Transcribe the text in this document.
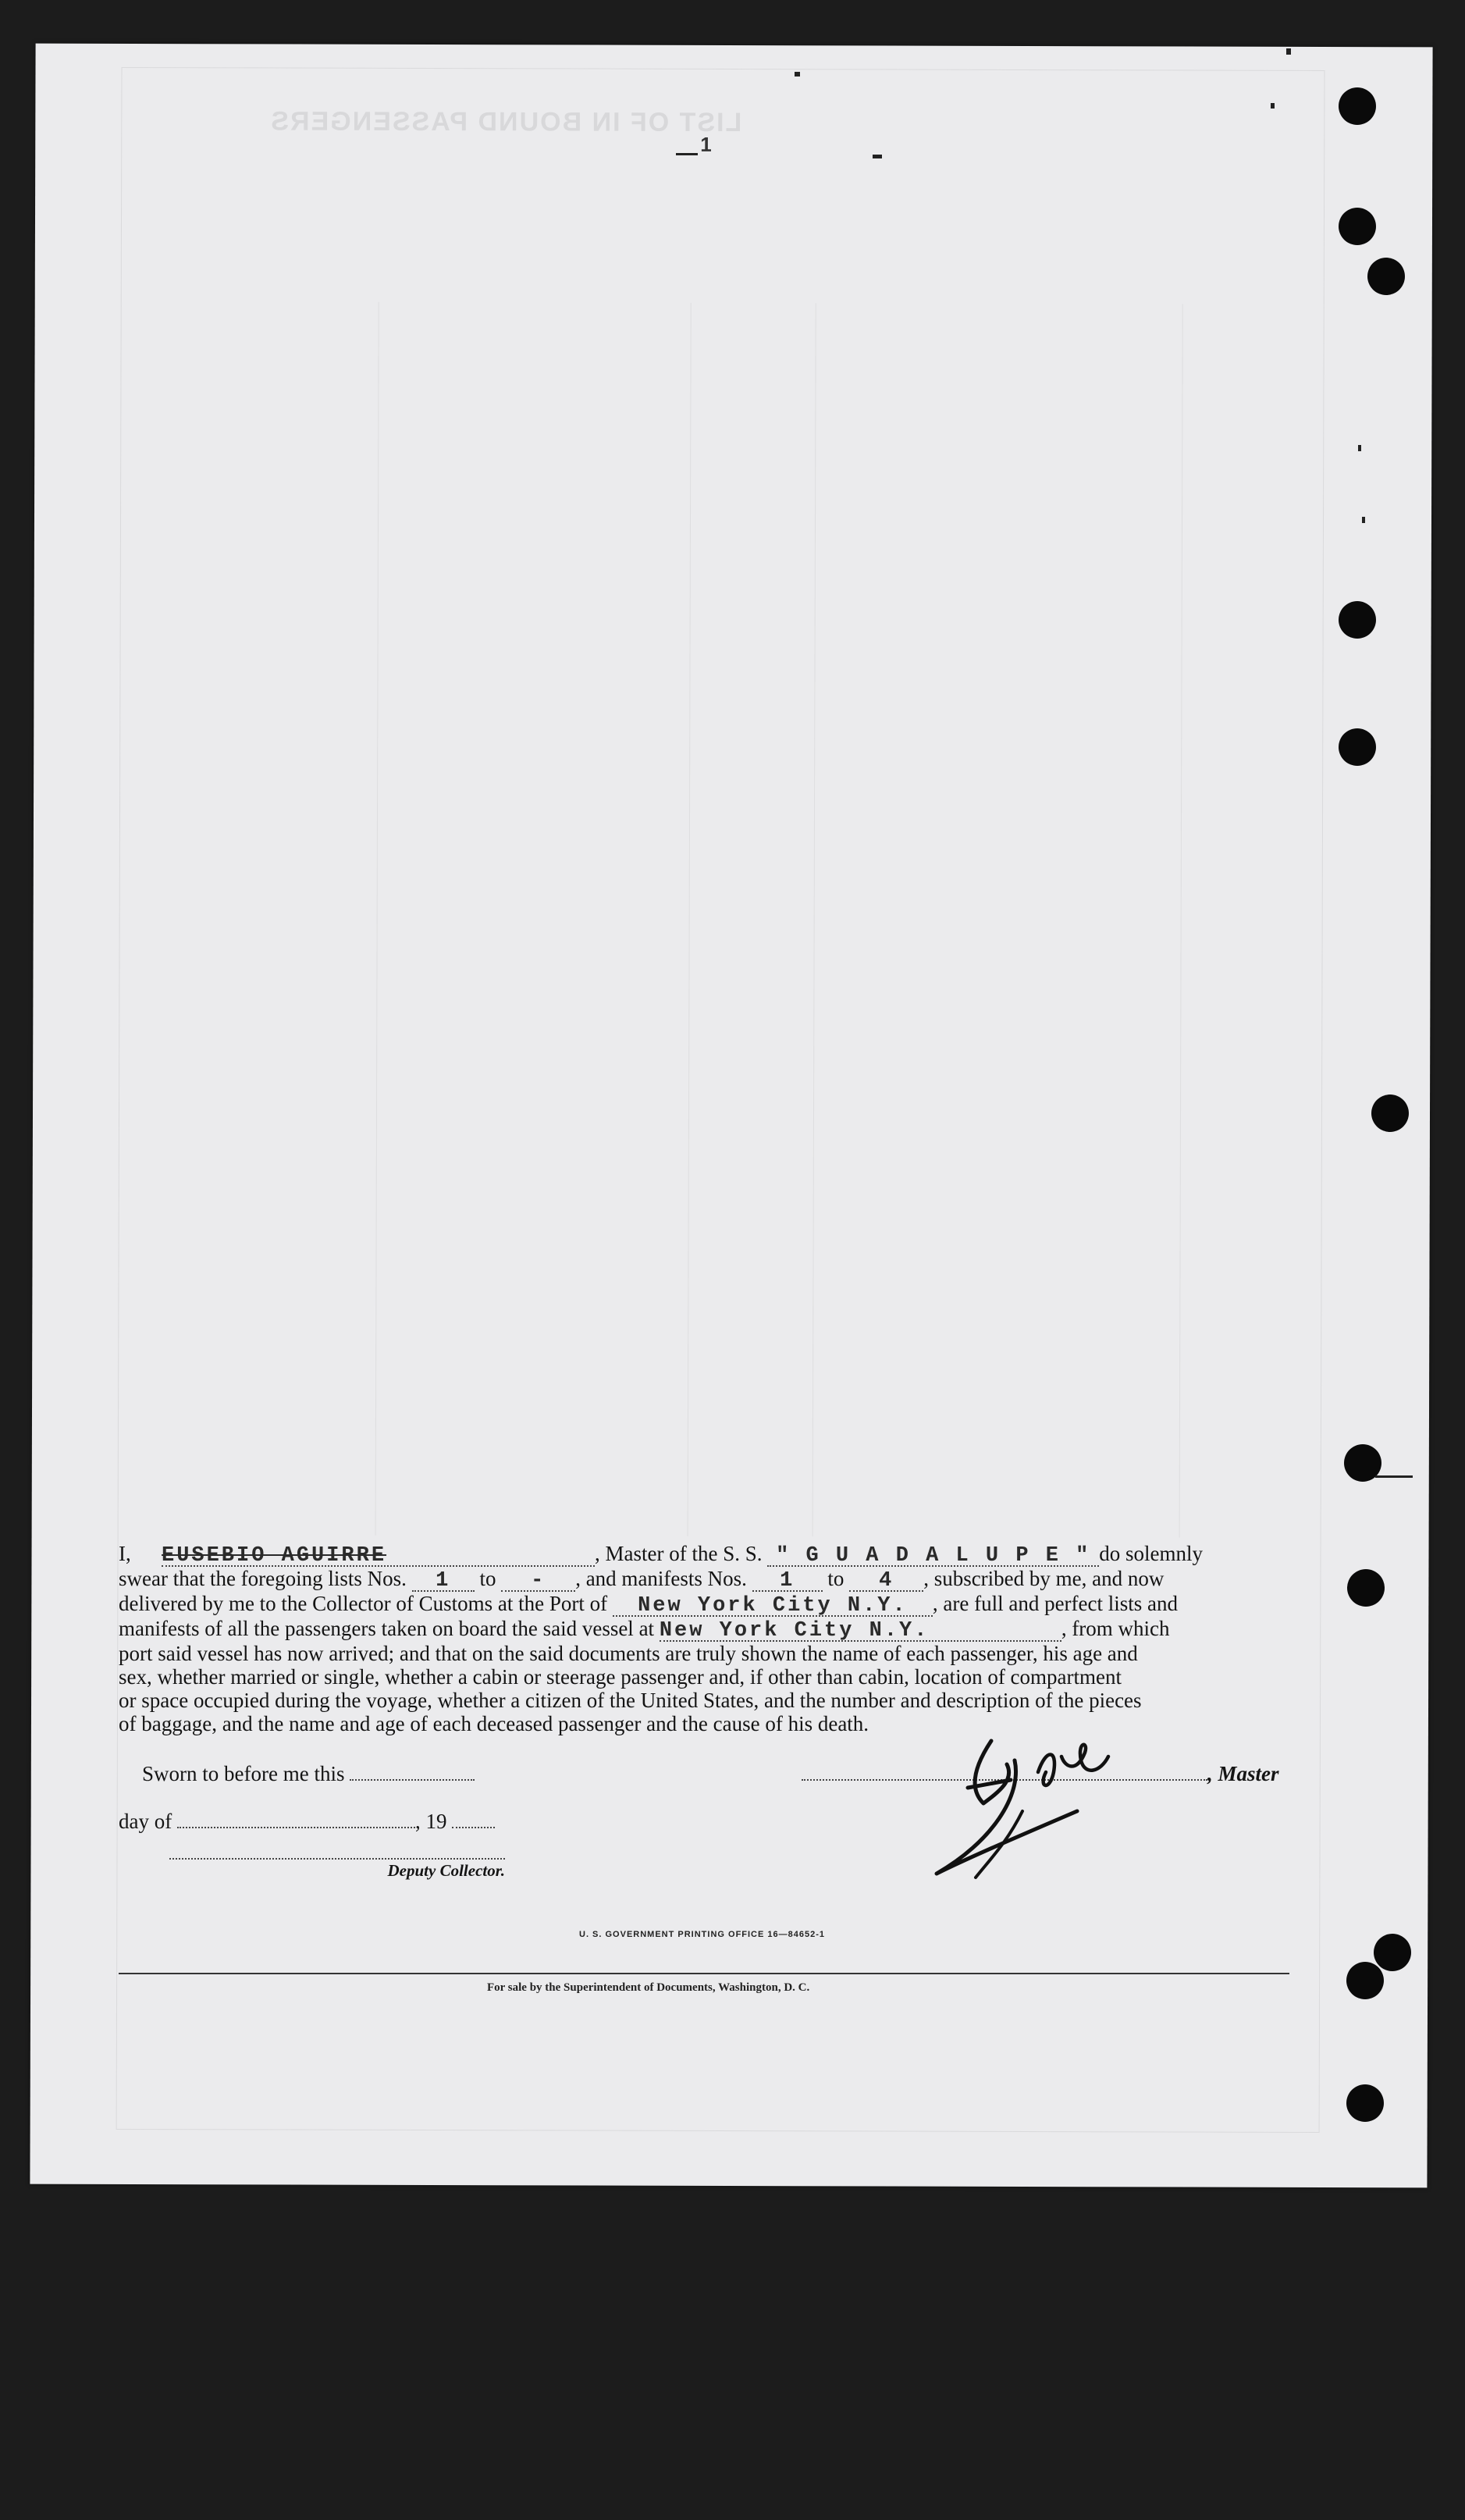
LIST OF IN BOUND PASSENGERS
1
I, EUSEBIO AGUIRRE	, Master of the S. S. " G U A D A L U P E " do solemnly
swear that the foregoing lists Nos. 1 to - , and manifests Nos. 1 to 4 , subscribed by me, and now
delivered by me to the Collector of Customs at the Port of New York City N.Y. , are full and perfect lists and
manifests of all the passengers taken on board the said vessel at New York City N.Y.	, from which
port said vessel has now arrived; and that on the said documents are truly shown the name of each passenger, his age and
sex, whether married or single, whether a cabin or steerage passenger and, if other than cabin, location of compartment
or space occupied during the voyage, whether a citizen of the United States, and the number and description of the pieces
of baggage, and the name and age of each deceased passenger and the cause of his death.
Sworn to before me this	, Master
day of	, 19
Deputy Collector.
U. S. GOVERNMENT PRINTING OFFICE 16—84652-1
For sale by the Superintendent of Documents, Washington, D. C.
